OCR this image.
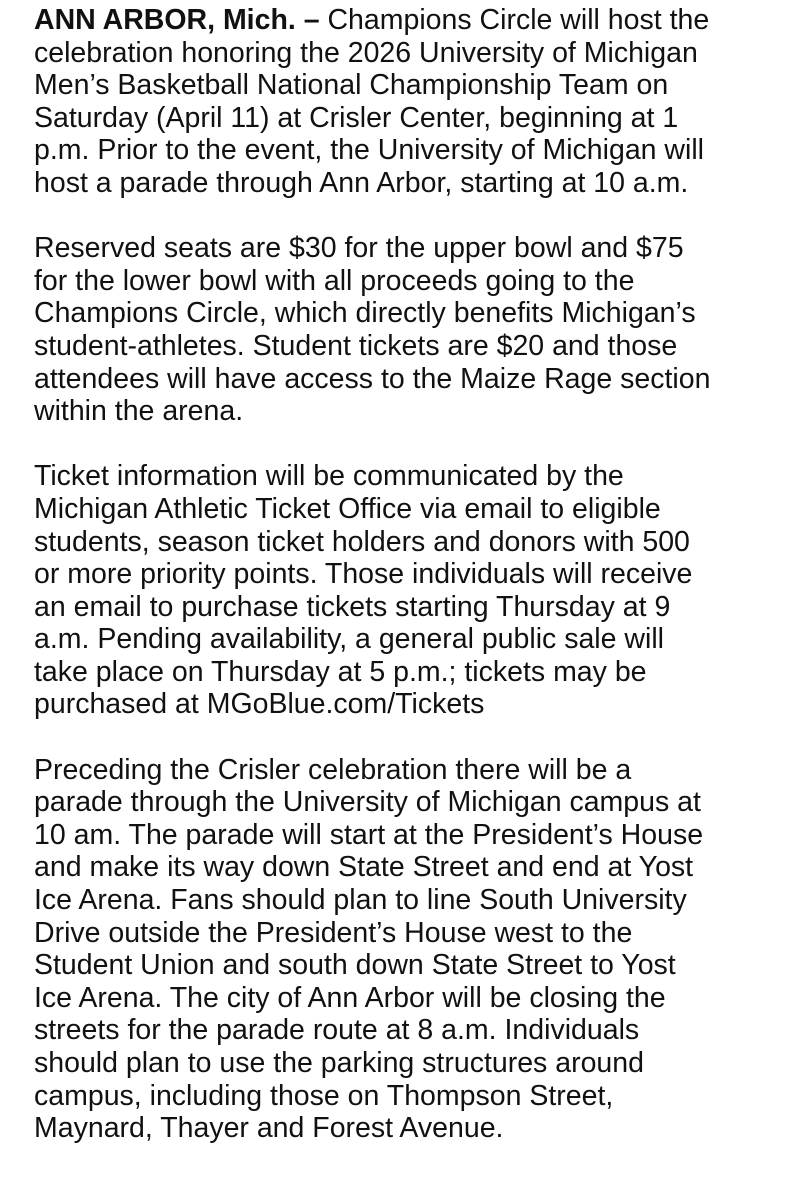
ANN ARBOR, Mich. – Champions Circle will host the
celebration honoring the 2026 University of Michigan
Men’s Basketball National Championship Team on
Saturday (April 11) at Crisler Center, beginning at 1
p.m. Prior to the event, the University of Michigan will
host a parade through Ann Arbor, starting at 10 a.m.
Reserved seats are $30 for the upper bowl and $75
for the lower bowl with all proceeds going to the
Champions Circle, which directly benefits Michigan’s
student-athletes. Student tickets are $20 and those
attendees will have access to the Maize Rage section
within the arena.
Ticket information will be communicated by the
Michigan Athletic Ticket Office via email to eligible
students, season ticket holders and donors with 500
or more priority points. Those individuals will receive
an email to purchase tickets starting Thursday at 9
a.m. Pending availability, a general public sale will
take place on Thursday at 5 p.m.; tickets may be
purchased at MGoBlue.com/Tickets
Preceding the Crisler celebration there will be a
parade through the University of Michigan campus at
10 am. The parade will start at the President’s House
and make its way down State Street and end at Yost
Ice Arena. Fans should plan to line South University
Drive outside the President’s House west to the
Student Union and south down State Street to Yost
Ice Arena. The city of Ann Arbor will be closing the
streets for the parade route at 8 a.m. Individuals
should plan to use the parking structures around
campus, including those on Thompson Street,
Maynard, Thayer and Forest Avenue.
